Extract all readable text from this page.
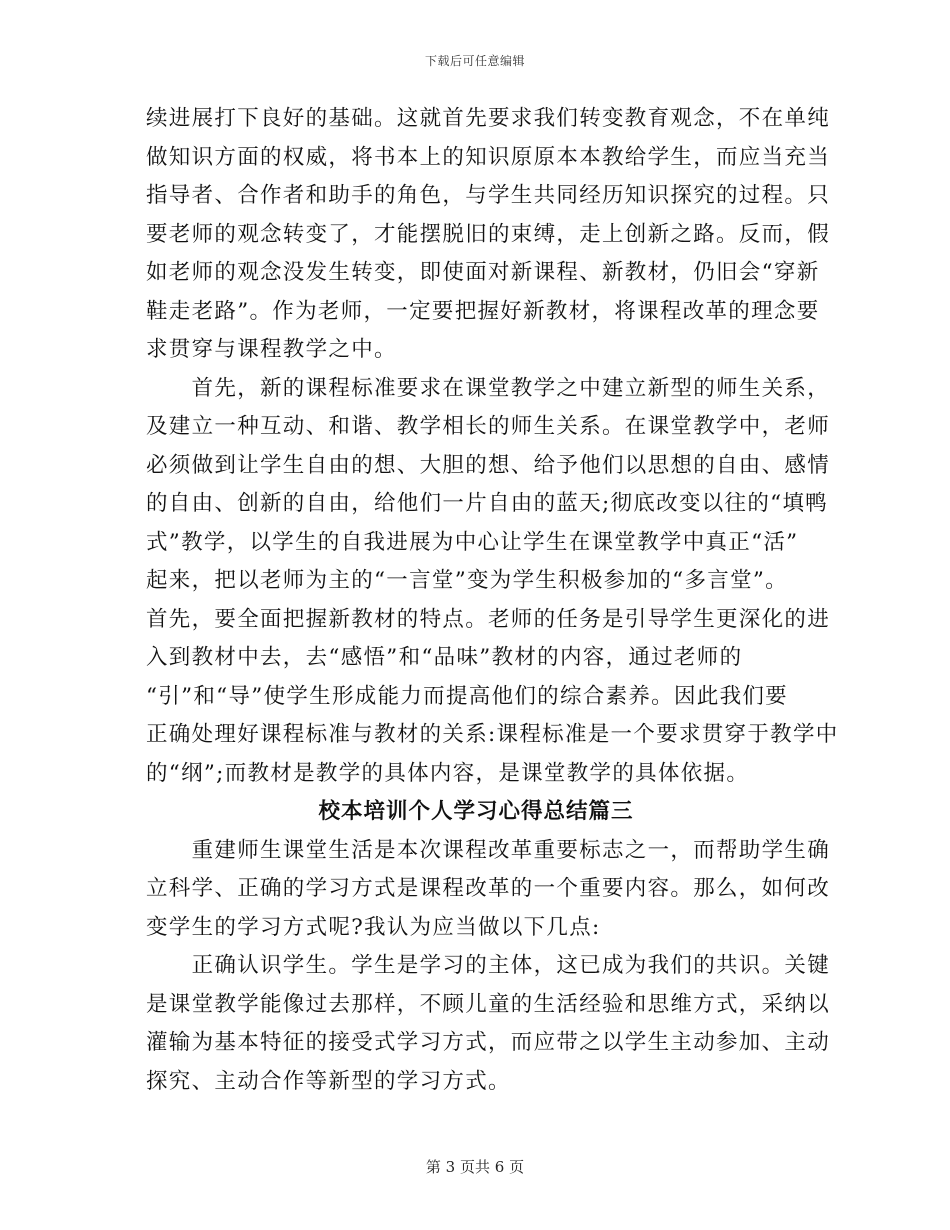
下载后可任意编辑
续进展打下良好的基础。这就首先要求我们转变教育观念，不在单纯
做知识方面的权威，将书本上的知识原原本本教给学生，而应当充当
指导者、合作者和助手的角色，与学生共同经历知识探究的过程。只
要老师的观念转变了，才能摆脱旧的束缚，走上创新之路。反而，假
如老师的观念没发生转变，即使面对新课程、新教材，仍旧会“穿新
鞋走老路”。作为老师，一定要把握好新教材，将课程改革的理念要
求贯穿与课程教学之中。
　　首先，新的课程标准要求在课堂教学之中建立新型的师生关系，
及建立一种互动、和谐、教学相长的师生关系。在课堂教学中，老师
必须做到让学生自由的想、大胆的想、给予他们以思想的自由、感情
的自由、创新的自由，给他们一片自由的蓝天;彻底改变以往的“填鸭
式”教学，以学生的自我进展为中心让学生在课堂教学中真正“活”
起来，把以老师为主的“一言堂”变为学生积极参加的“多言堂”。
首先，要全面把握新教材的特点。老师的任务是引导学生更深化的进
入到教材中去，去“感悟”和“品味”教材的内容，通过老师的
“引”和“导”使学生形成能力而提高他们的综合素养。因此我们要
正确处理好课程标准与教材的关系:课程标准是一个要求贯穿于教学中
的“纲”;而教材是教学的具体内容，是课堂教学的具体依据。
校本培训个人学习心得总结篇三
　　重建师生课堂生活是本次课程改革重要标志之一，而帮助学生确
立科学、正确的学习方式是课程改革的一个重要内容。那么，如何改
变学生的学习方式呢?我认为应当做以下几点:
　　正确认识学生。学生是学习的主体，这已成为我们的共识。关键
是课堂教学能像过去那样，不顾儿童的生活经验和思维方式，采纳以
灌输为基本特征的接受式学习方式，而应带之以学生主动参加、主动
探究、主动合作等新型的学习方式。
第 3 页共 6 页
